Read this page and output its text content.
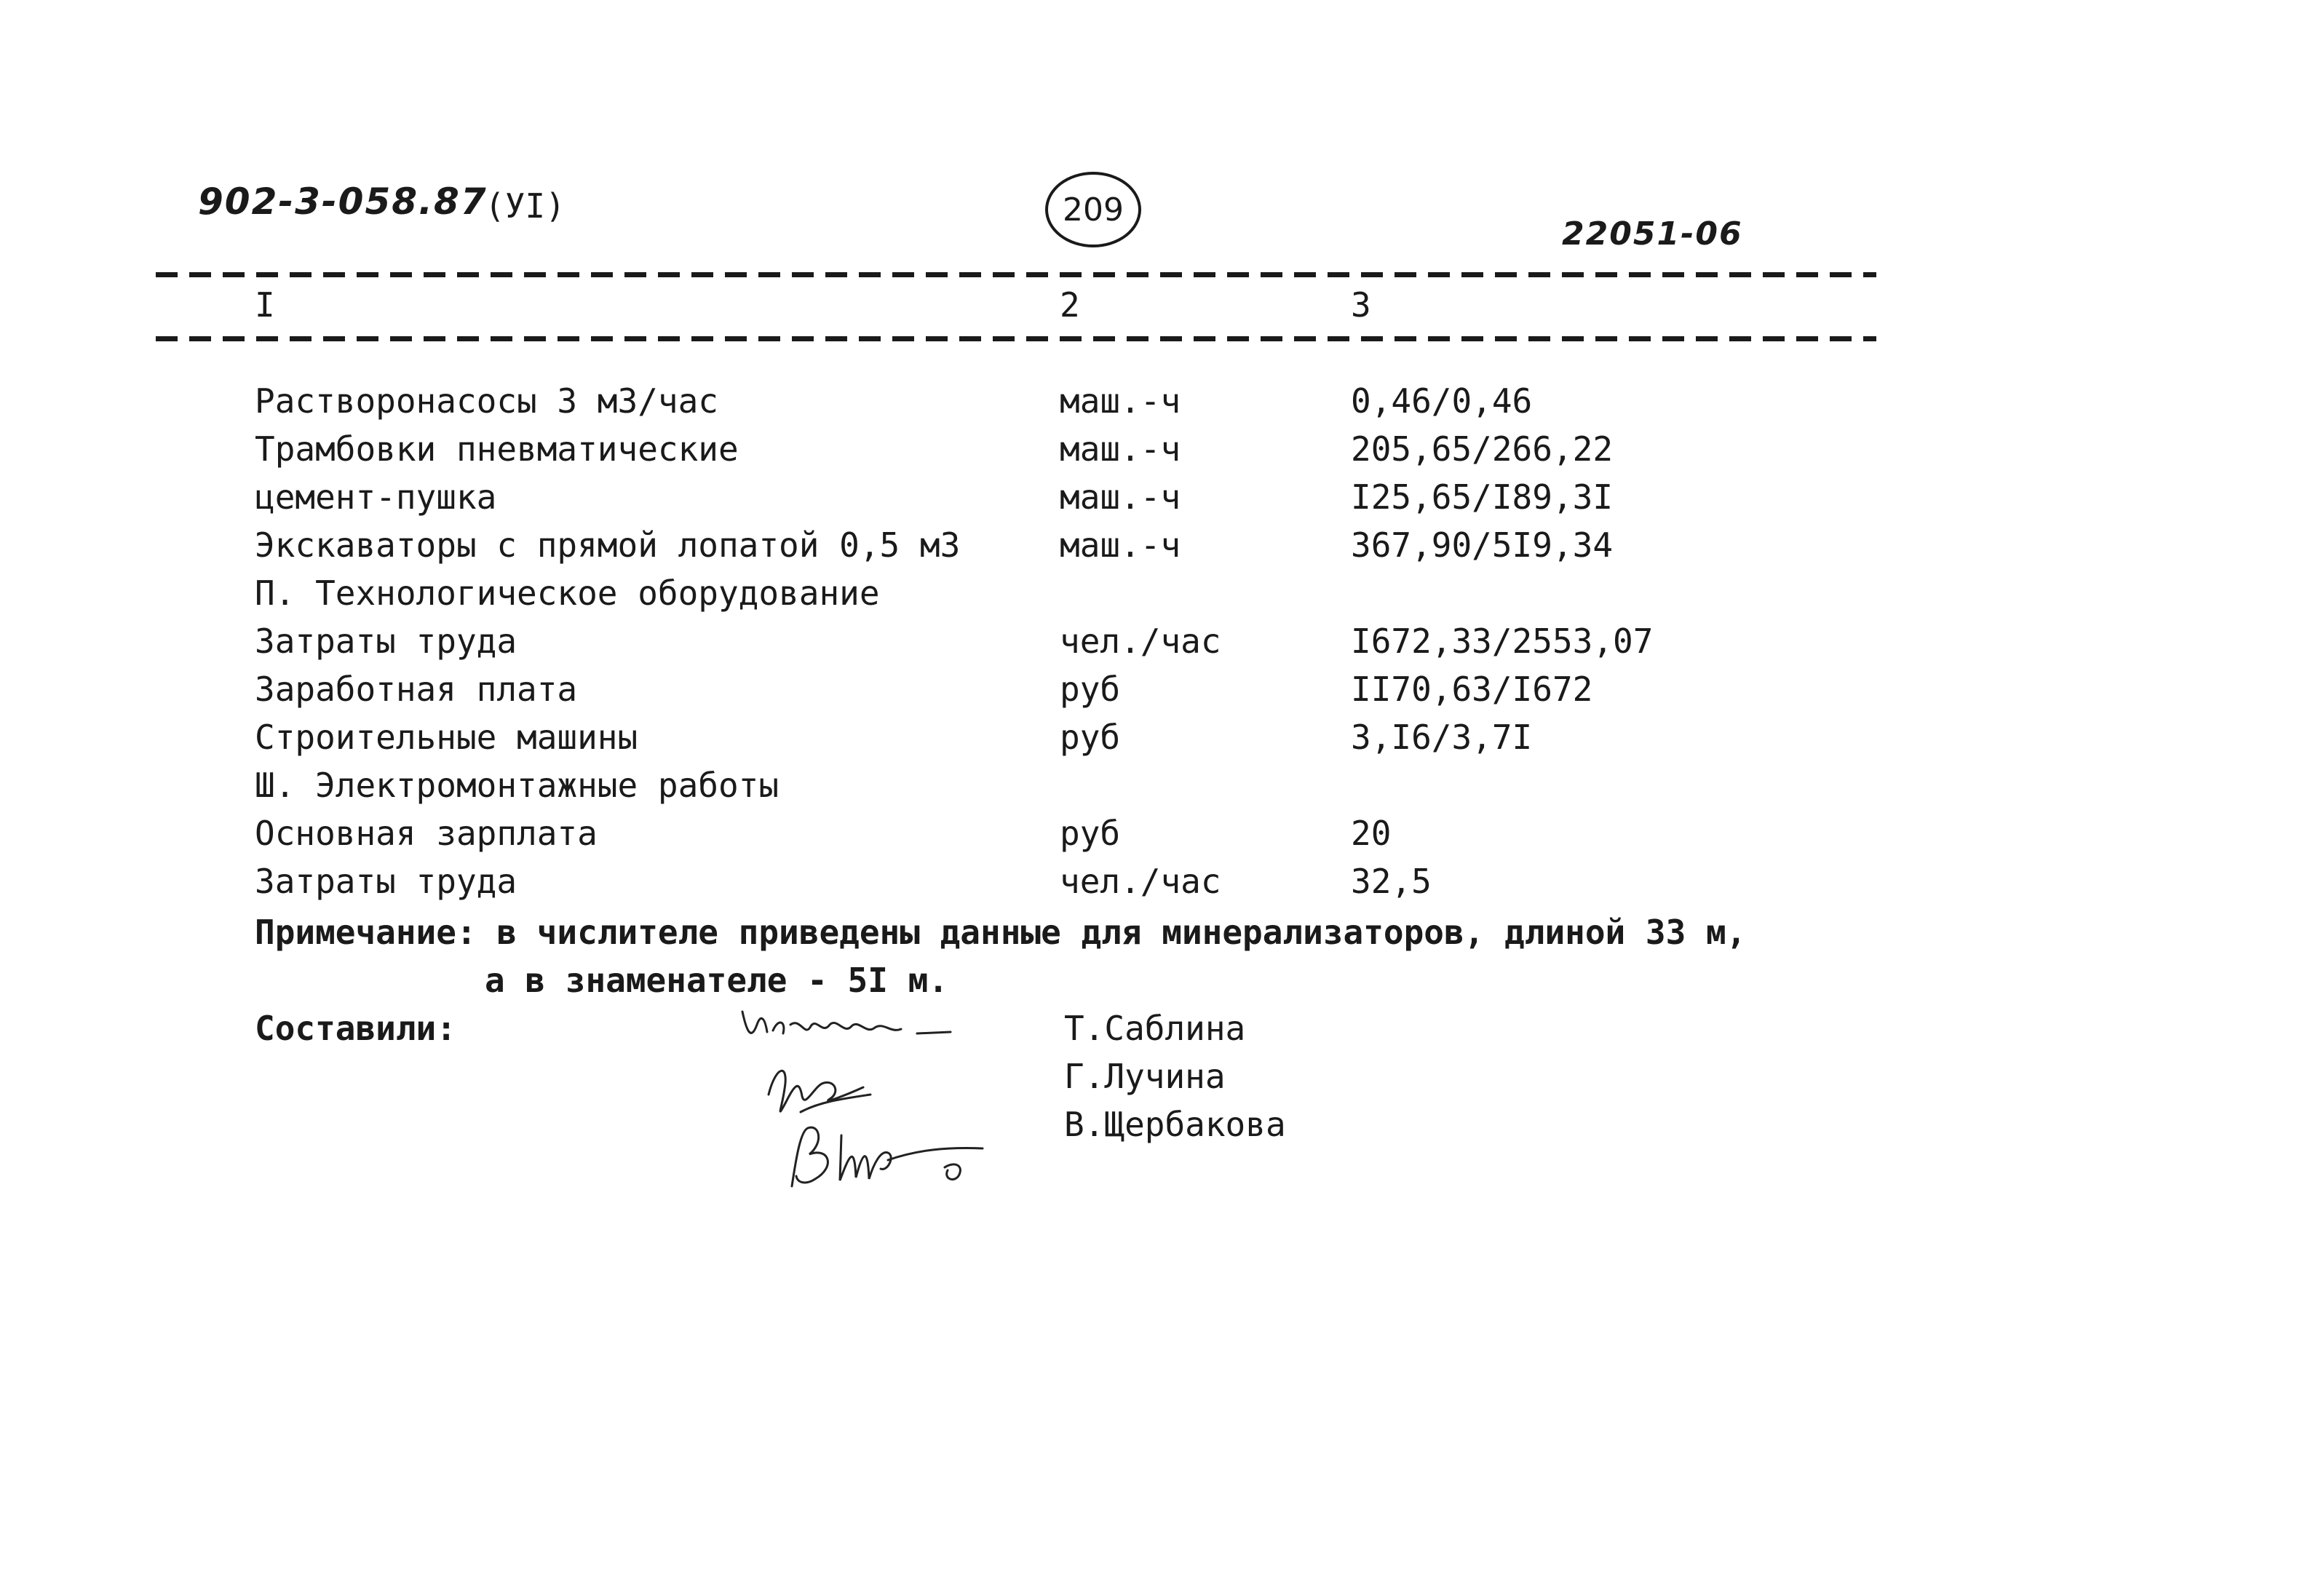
902-3-058.87
(УI)	209
22051-06
I	2	3
Растворонасосы 3 м3/час	маш.-ч	0,46/0,46
Трамбовки пневматические	маш.-ч	205,65/266,22
цемент-пушка	маш.-ч	I25,65/I89,3I
Экскаваторы с прямой лопатой 0,5 м3	маш.-ч	367,90/5I9,34
П. Технологическое оборудование
Затраты труда	чел./час	I672,33/2553,07
Заработная плата	руб	II70,63/I672
Строительные машины	руб	3,I6/3,7I
Ш. Электромонтажные работы
Основная зарплата	руб	20
Затраты труда	чел./час	32,5
Примечание: в числителе приведены данные для минерализаторов, длиной 33 м,
а в знаменателе - 5I м.
Составили:	Т.Саблина
Г.Лучина
В.Щербакова
